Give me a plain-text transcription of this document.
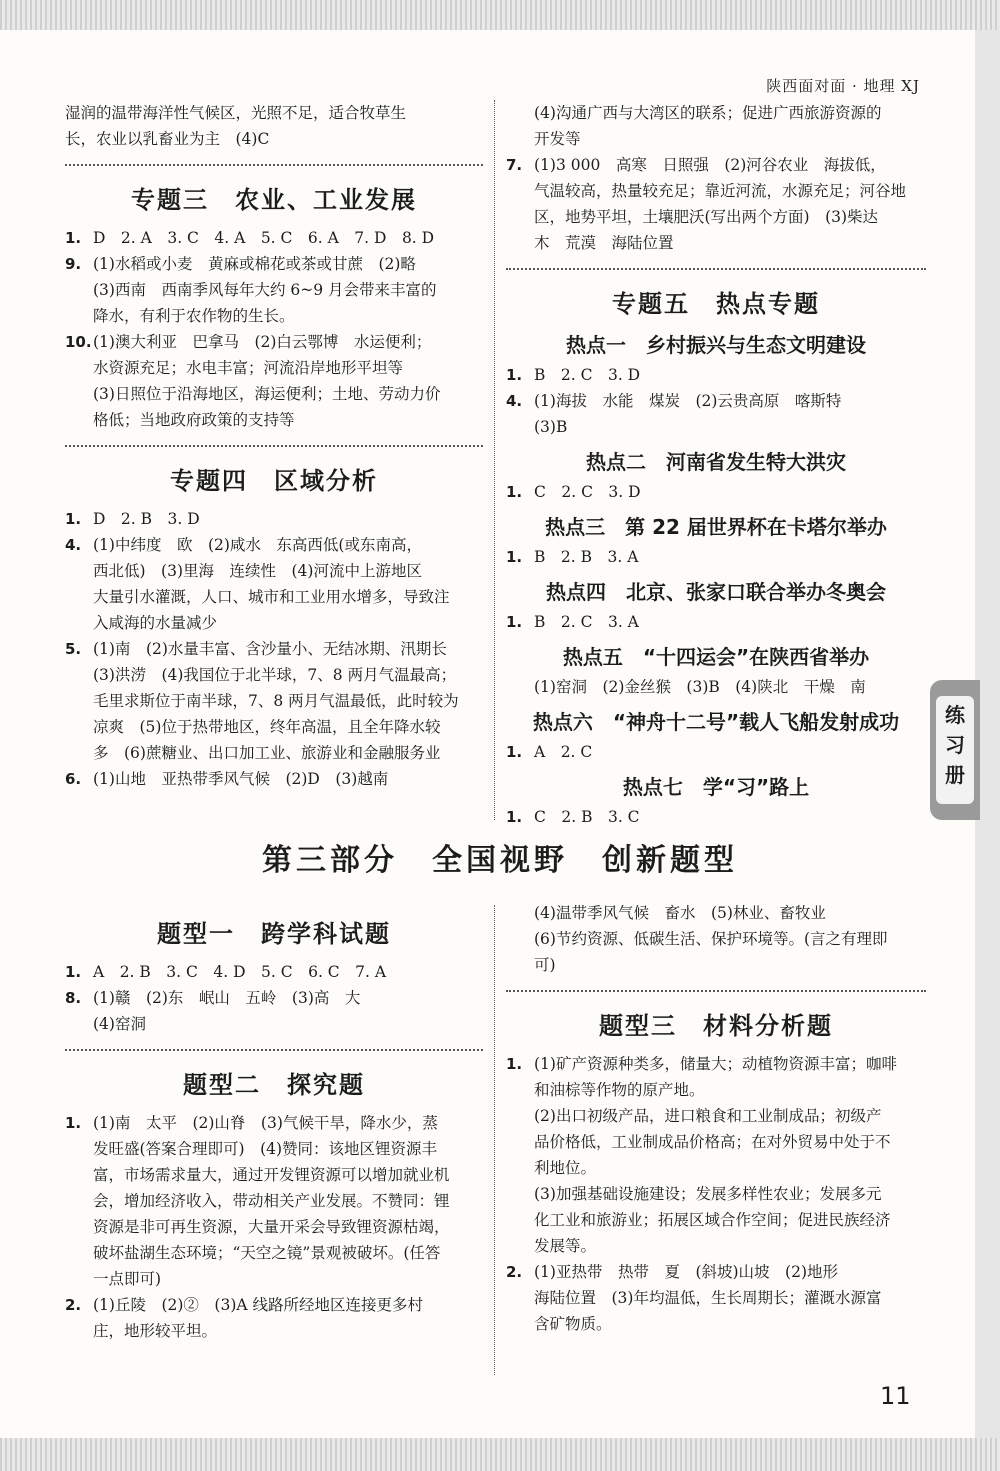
陕西面对面 · 地理 XJ
湿润的温带海洋性气候区，光照不足，适合牧草生
长，农业以乳畜业为主　(4)C
专题三　农业、工业发展
1. D　2. A　3. C　4. A　5. C　6. A　7. D　8. D
9. (1)水稻或小麦　黄麻或棉花或茶或甘蔗　(2)略
(3)西南　西南季风每年大约 6~9 月会带来丰富的
降水，有利于农作物的生长。
10.(1)澳大利亚　巴拿马　(2)白云鄂博　水运便利；
水资源充足；水电丰富；河流沿岸地形平坦等
(3)日照位于沿海地区，海运便利；土地、劳动力价
格低；当地政府政策的支持等
专题四　区域分析
1. D　2. B　3. D
4. (1)中纬度　欧　(2)咸水　东高西低(或东南高，
西北低)　(3)里海　连续性　(4)河流中上游地区
大量引水灌溉，人口、城市和工业用水增多，导致注
入咸海的水量减少
5. (1)南　(2)水量丰富、含沙量小、无结冰期、汛期长
(3)洪涝　(4)我国位于北半球，7、8 两月气温最高；
毛里求斯位于南半球，7、8 两月气温最低，此时较为
凉爽　(5)位于热带地区，终年高温，且全年降水较
多　(6)蔗糖业、出口加工业、旅游业和金融服务业
6. (1)山地　亚热带季风气候　(2)D　(3)越南
(4)沟通广西与大湾区的联系；促进广西旅游资源的
开发等
7. (1)3 000　高寒　日照强　(2)河谷农业　海拔低，
气温较高，热量较充足；靠近河流，水源充足；河谷地
区，地势平坦，土壤肥沃(写出两个方面)　(3)柴达
木　荒漠　海陆位置
专题五　热点专题
热点一　乡村振兴与生态文明建设
1. B　2. C　3. D
4. (1)海拔　水能　煤炭　(2)云贵高原　喀斯特
(3)B
热点二　河南省发生特大洪灾
1. C　2. C　3. D
热点三　第 22 届世界杯在卡塔尔举办
1. B　2. B　3. A
热点四　北京、张家口联合举办冬奥会
1. B　2. C　3. A
热点五　“十四运会”在陕西省举办
(1)窑洞　(2)金丝猴　(3)B　(4)陕北　干燥　南
热点六　“神舟十二号”载人飞船发射成功
1. A　2. C
热点七　学“习”路上
1. C　2. B　3. C
练
习
册
第三部分　全国视野　创新题型
题型一　跨学科试题
1. A　2. B　3. C　4. D　5. C　6. C　7. A
8. (1)赣　(2)东　岷山　五岭　(3)高　大
(4)窑洞
题型二　探究题
1. (1)南　太平　(2)山脊　(3)气候干旱，降水少，蒸
发旺盛(答案合理即可)　(4)赞同：该地区锂资源丰
富，市场需求量大，通过开发锂资源可以增加就业机
会，增加经济收入，带动相关产业发展。不赞同：锂
资源是非可再生资源，大量开采会导致锂资源枯竭，
破坏盐湖生态环境；“天空之镜”景观被破坏。(任答
一点即可)
2. (1)丘陵　(2)②　(3)A 线路所经地区连接更多村
庄，地形较平坦。
(4)温带季风气候　畜水　(5)林业、畜牧业
(6)节约资源、低碳生活、保护环境等。(言之有理即
可)
题型三　材料分析题
1. (1)矿产资源种类多，储量大；动植物资源丰富；咖啡
和油棕等作物的原产地。
(2)出口初级产品，进口粮食和工业制成品；初级产
品价格低，工业制成品价格高；在对外贸易中处于不
利地位。
(3)加强基础设施建设；发展多样性农业；发展多元
化工业和旅游业；拓展区域合作空间；促进民族经济
发展等。
2. (1)亚热带　热带　夏　(斜坡)山坡　(2)地形
海陆位置　(3)年均温低，生长周期长；灌溉水源富
含矿物质。
11
